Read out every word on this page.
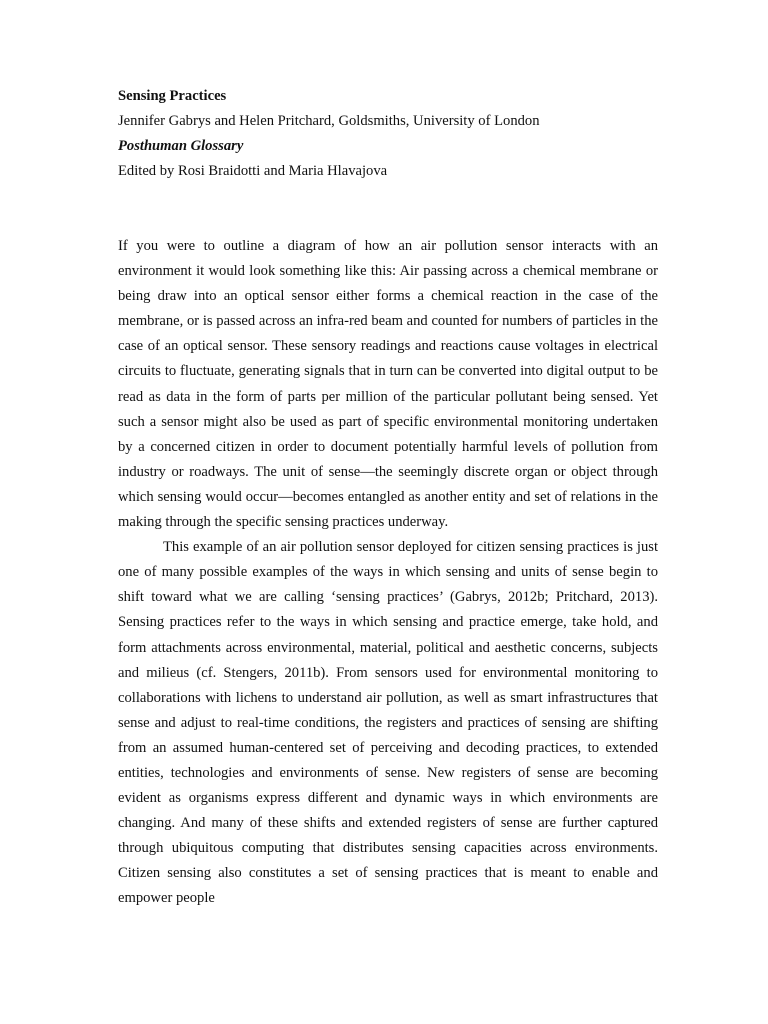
Sensing Practices
Jennifer Gabrys and Helen Pritchard, Goldsmiths, University of London
Posthuman Glossary
Edited by Rosi Braidotti and Maria Hlavajova

If you were to outline a diagram of how an air pollution sensor interacts with an environment it would look something like this: Air passing across a chemical membrane or being draw into an optical sensor either forms a chemical reaction in the case of the membrane, or is passed across an infra-red beam and counted for numbers of particles in the case of an optical sensor. These sensory readings and reactions cause voltages in electrical circuits to fluctuate, generating signals that in turn can be converted into digital output to be read as data in the form of parts per million of the particular pollutant being sensed. Yet such a sensor might also be used as part of specific environmental monitoring undertaken by a concerned citizen in order to document potentially harmful levels of pollution from industry or roadways. The unit of sense—the seemingly discrete organ or object through which sensing would occur—becomes entangled as another entity and set of relations in the making through the specific sensing practices underway.

This example of an air pollution sensor deployed for citizen sensing practices is just one of many possible examples of the ways in which sensing and units of sense begin to shift toward what we are calling ‘sensing practices’ (Gabrys, 2012b; Pritchard, 2013). Sensing practices refer to the ways in which sensing and practice emerge, take hold, and form attachments across environmental, material, political and aesthetic concerns, subjects and milieus (cf. Stengers, 2011b). From sensors used for environmental monitoring to collaborations with lichens to understand air pollution, as well as smart infrastructures that sense and adjust to real-time conditions, the registers and practices of sensing are shifting from an assumed human-centered set of perceiving and decoding practices, to extended entities, technologies and environments of sense. New registers of sense are becoming evident as organisms express different and dynamic ways in which environments are changing. And many of these shifts and extended registers of sense are further captured through ubiquitous computing that distributes sensing capacities across environments. Citizen sensing also constitutes a set of sensing practices that is meant to enable and empower people
